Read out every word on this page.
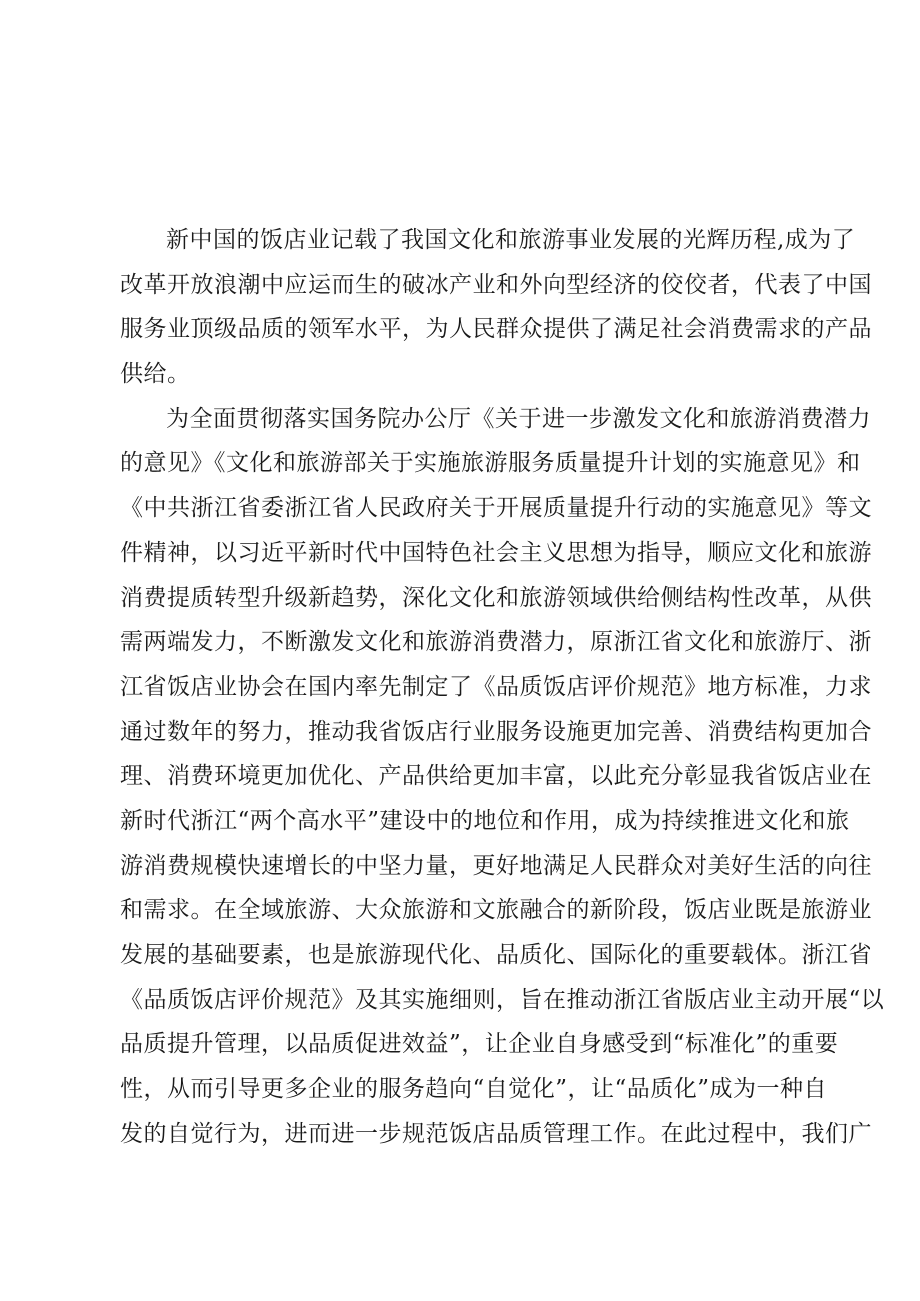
新中国的饭店业记载了我国文化和旅游事业发展的光辉历程,成为了
改革开放浪潮中应运而生的破冰产业和外向型经济的佼佼者，代表了中国
服务业顶级品质的领军水平，为人民群众提供了满足社会消费需求的产品
供给。

为全面贯彻落实国务院办公厅《关于进一步激发文化和旅游消费潜力
的意见》《文化和旅游部关于实施旅游服务质量提升计划的实施意见》和
《中共浙江省委浙江省人民政府关于开展质量提升行动的实施意见》等文
件精神，以习近平新时代中国特色社会主义思想为指导，顺应文化和旅游
消费提质转型升级新趋势，深化文化和旅游领域供给侧结构性改革，从供
需两端发力，不断激发文化和旅游消费潜力，原浙江省文化和旅游厅、浙
江省饭店业协会在国内率先制定了《品质饭店评价规范》地方标准，力求
通过数年的努力，推动我省饭店行业服务设施更加完善、消费结构更加合
理、消费环境更加优化、产品供给更加丰富，以此充分彰显我省饭店业在
新时代浙江“两个高水平”建设中的地位和作用，成为持续推进文化和旅
游消费规模快速增长的中坚力量，更好地满足人民群众对美好生活的向往
和需求。在全域旅游、大众旅游和文旅融合的新阶段，饭店业既是旅游业
发展的基础要素，也是旅游现代化、品质化、国际化的重要载体。浙江省
《品质饭店评价规范》及其实施细则，旨在推动浙江省版店业主动开展“以
品质提升管理，以品质促进效益”，让企业自身感受到“标准化”的重要
性，从而引导更多企业的服务趋向“自觉化”，让“品质化”成为一种自
发的自觉行为，进而进一步规范饭店品质管理工作。在此过程中，我们广
